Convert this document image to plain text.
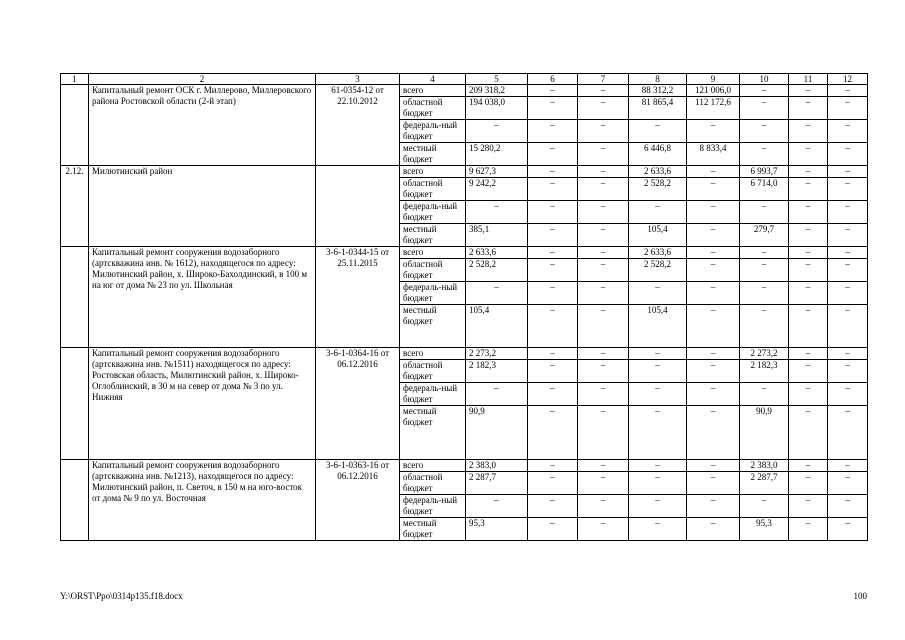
1	2	3	4	5	6	7	8	9	10	11	12
	Капитальный ремонт ОСК г. Миллерово, Миллеровского района Ростовской области (2-й этап)	61-0354-12 от 22.10.2012	всего	209 318,2	–	–	88 312,2	121 006,0	–	–	–
			областной бюджет	194 038,0	–	–	81 865,4	112 172,6	–	–	–
			федераль-ный бюджет	–	–	–	–	–	–	–	–
			местный бюджет	15 280,2	–	–	6 446,8	8 833,4	–	–	–
2.12.	Милютинский район		всего	9 627,3	–	–	2 633,6	–	6 993,7	–	–
			областной бюджет	9 242,2	–	–	2 528,2	–	6 714,0	–	–
			федераль-ный бюджет	–	–	–	–	–	–	–	–
			местный бюджет	385,1	–	–	105,4	–	279,7	–	–
	Капитальный ремонт сооружения водозаборного (артскважина инв. № 1612), находящегося по адресу: Милютинский район, х. Широко-Бахолдинский, в 100 м на юг от дома № 23 по ул. Школьная	3-6-1-0344-15 от 25.11.2015	всего	2 633,6	–	–	2 633,6	–	–	–	–
			областной бюджет	2 528,2	–	–	2 528,2	–	–	–	–
			федераль-ный бюджет	–	–	–	–	–	–	–	–
			местный бюджет	105,4	–	–	105,4	–	–	–	–
	Капитальный ремонт сооружения водозаборного (артскважина инв. №1511) находящегося по адресу: Ростовская область, Милютинский район, х. Широко-Оглоблинский, в 30 м на север от дома № 3 по ул. Нижняя	3-6-1-0364-16 от 06.12.2016	всего	2 273,2	–	–	–	–	2 273,2	–	–
			областной бюджет	2 182,3	–	–	–	–	2 182,3	–	–
			федераль-ный бюджет	–	–	–	–	–	–	–	–
			местный бюджет	90,9	–	–	–	–	90,9	–	–
	Капитальный ремонт сооружения водозаборного (артскважина инв. №1213), находящегося по адресу: Милютинский район, п. Светоч, в 150 м на юго-восток от дома № 9 по ул. Восточная	3-6-1-0363-16 от 06.12.2016	всего	2 383,0	–	–	–	–	2 383,0	–	–
			областной бюджет	2 287,7	–	–	–	–	2 287,7	–	–
			федераль-ный бюджет	–	–	–	–	–	–	–	–
			местный бюджет	95,3	–	–	–	–	95,3	–	–
Y:\ORST\Ppo\0314p135.f18.docx	100
